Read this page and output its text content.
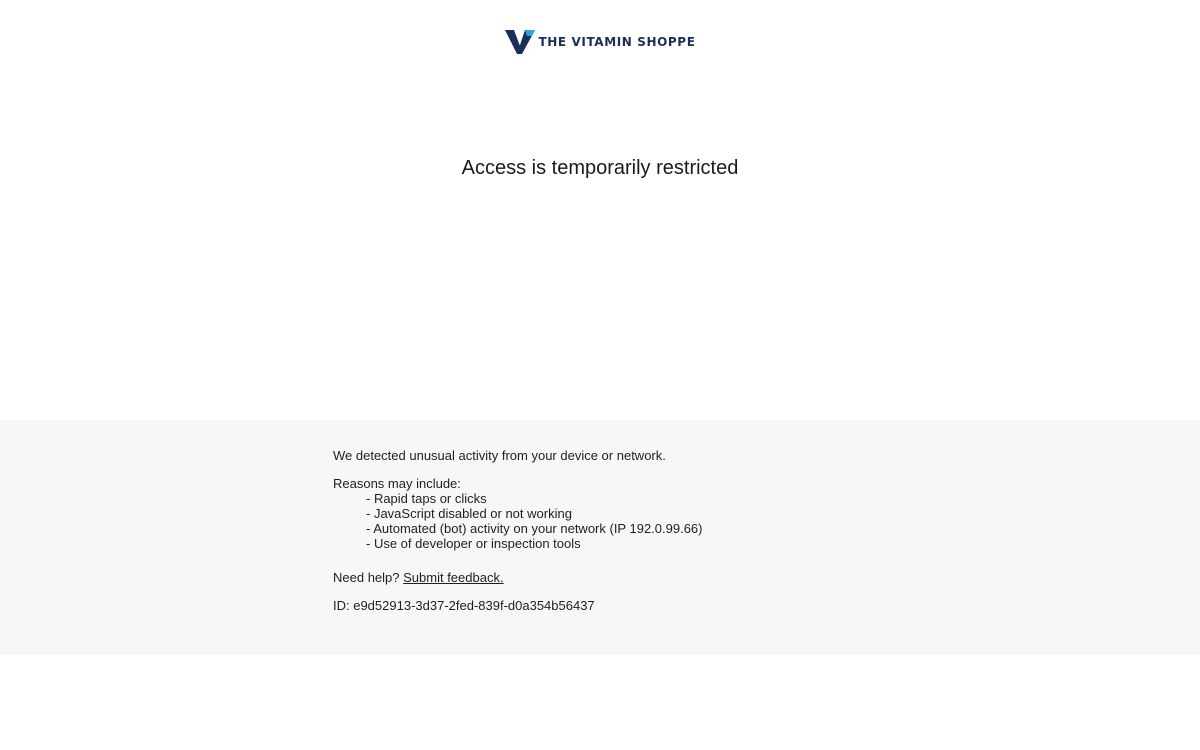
THE VITAMIN SHOPPE
Access is temporarily restricted

We detected unusual activity from your device or network.

Reasons may include:

- Rapid taps or clicks
- JavaScript disabled or not working
- Automated (bot) activity on your network (IP 192.0.99.66)
- Use of developer or inspection tools

Need help? Submit feedback.

ID: e9d52913-3d37-2fed-839f-d0a354b56437
